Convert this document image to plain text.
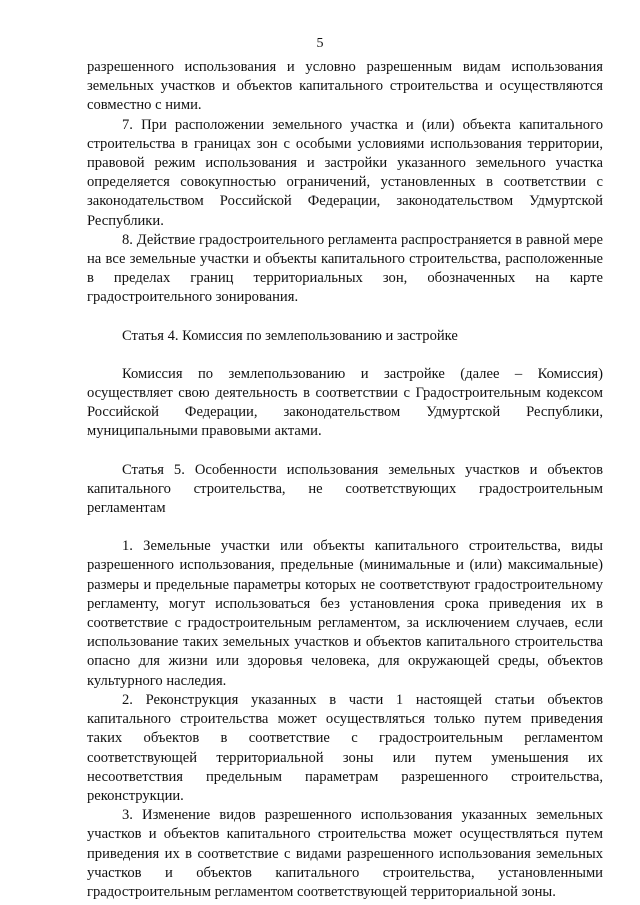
5

разрешенного использования и условно разрешенным видам использования земельных участков и объектов капитального строительства и осуществляются совместно с ними.

7. При расположении земельного участка и (или) объекта капитального строительства в границах зон с особыми условиями использования территории, правовой режим использования и застройки указанного земельного участка определяется совокупностью ограничений, установленных в соответствии с законодательством Российской Федерации, законодательством Удмуртской Республики.

8. Действие градостроительного регламента распространяется в равной мере на все земельные участки и объекты капитального строительства, расположенные в пределах границ территориальных зон, обозначенных на карте градостроительного зонирования.

Статья 4. Комиссия по землепользованию и застройке

Комиссия по землепользованию и застройке (далее – Комиссия) осуществляет свою деятельность в соответствии с Градостроительным кодексом Российской Федерации, законодательством Удмуртской Республики, муниципальными правовыми актами.

Статья 5. Особенности использования земельных участков и объектов капитального строительства, не соответствующих градостроительным регламентам

1. Земельные участки или объекты капитального строительства, виды разрешенного использования, предельные (минимальные и (или) максимальные) размеры и предельные параметры которых не соответствуют градостроительному регламенту, могут использоваться без установления срока приведения их в соответствие с градостроительным регламентом, за исключением случаев, если использование таких земельных участков и объектов капитального строительства опасно для жизни или здоровья человека, для окружающей среды, объектов культурного наследия.

2. Реконструкция указанных в части 1 настоящей статьи объектов капитального строительства может осуществляться только путем приведения таких объектов в соответствие с градостроительным регламентом соответствующей территориальной зоны или путем уменьшения их несоответствия предельным параметрам разрешенного строительства, реконструкции.

3. Изменение видов разрешенного использования указанных земельных участков и объектов капитального строительства может осуществляться путем приведения их в соответствие с видами разрешенного использования земельных участков и объектов капитального строительства, установленными градостроительным регламентом соответствующей территориальной зоны.
